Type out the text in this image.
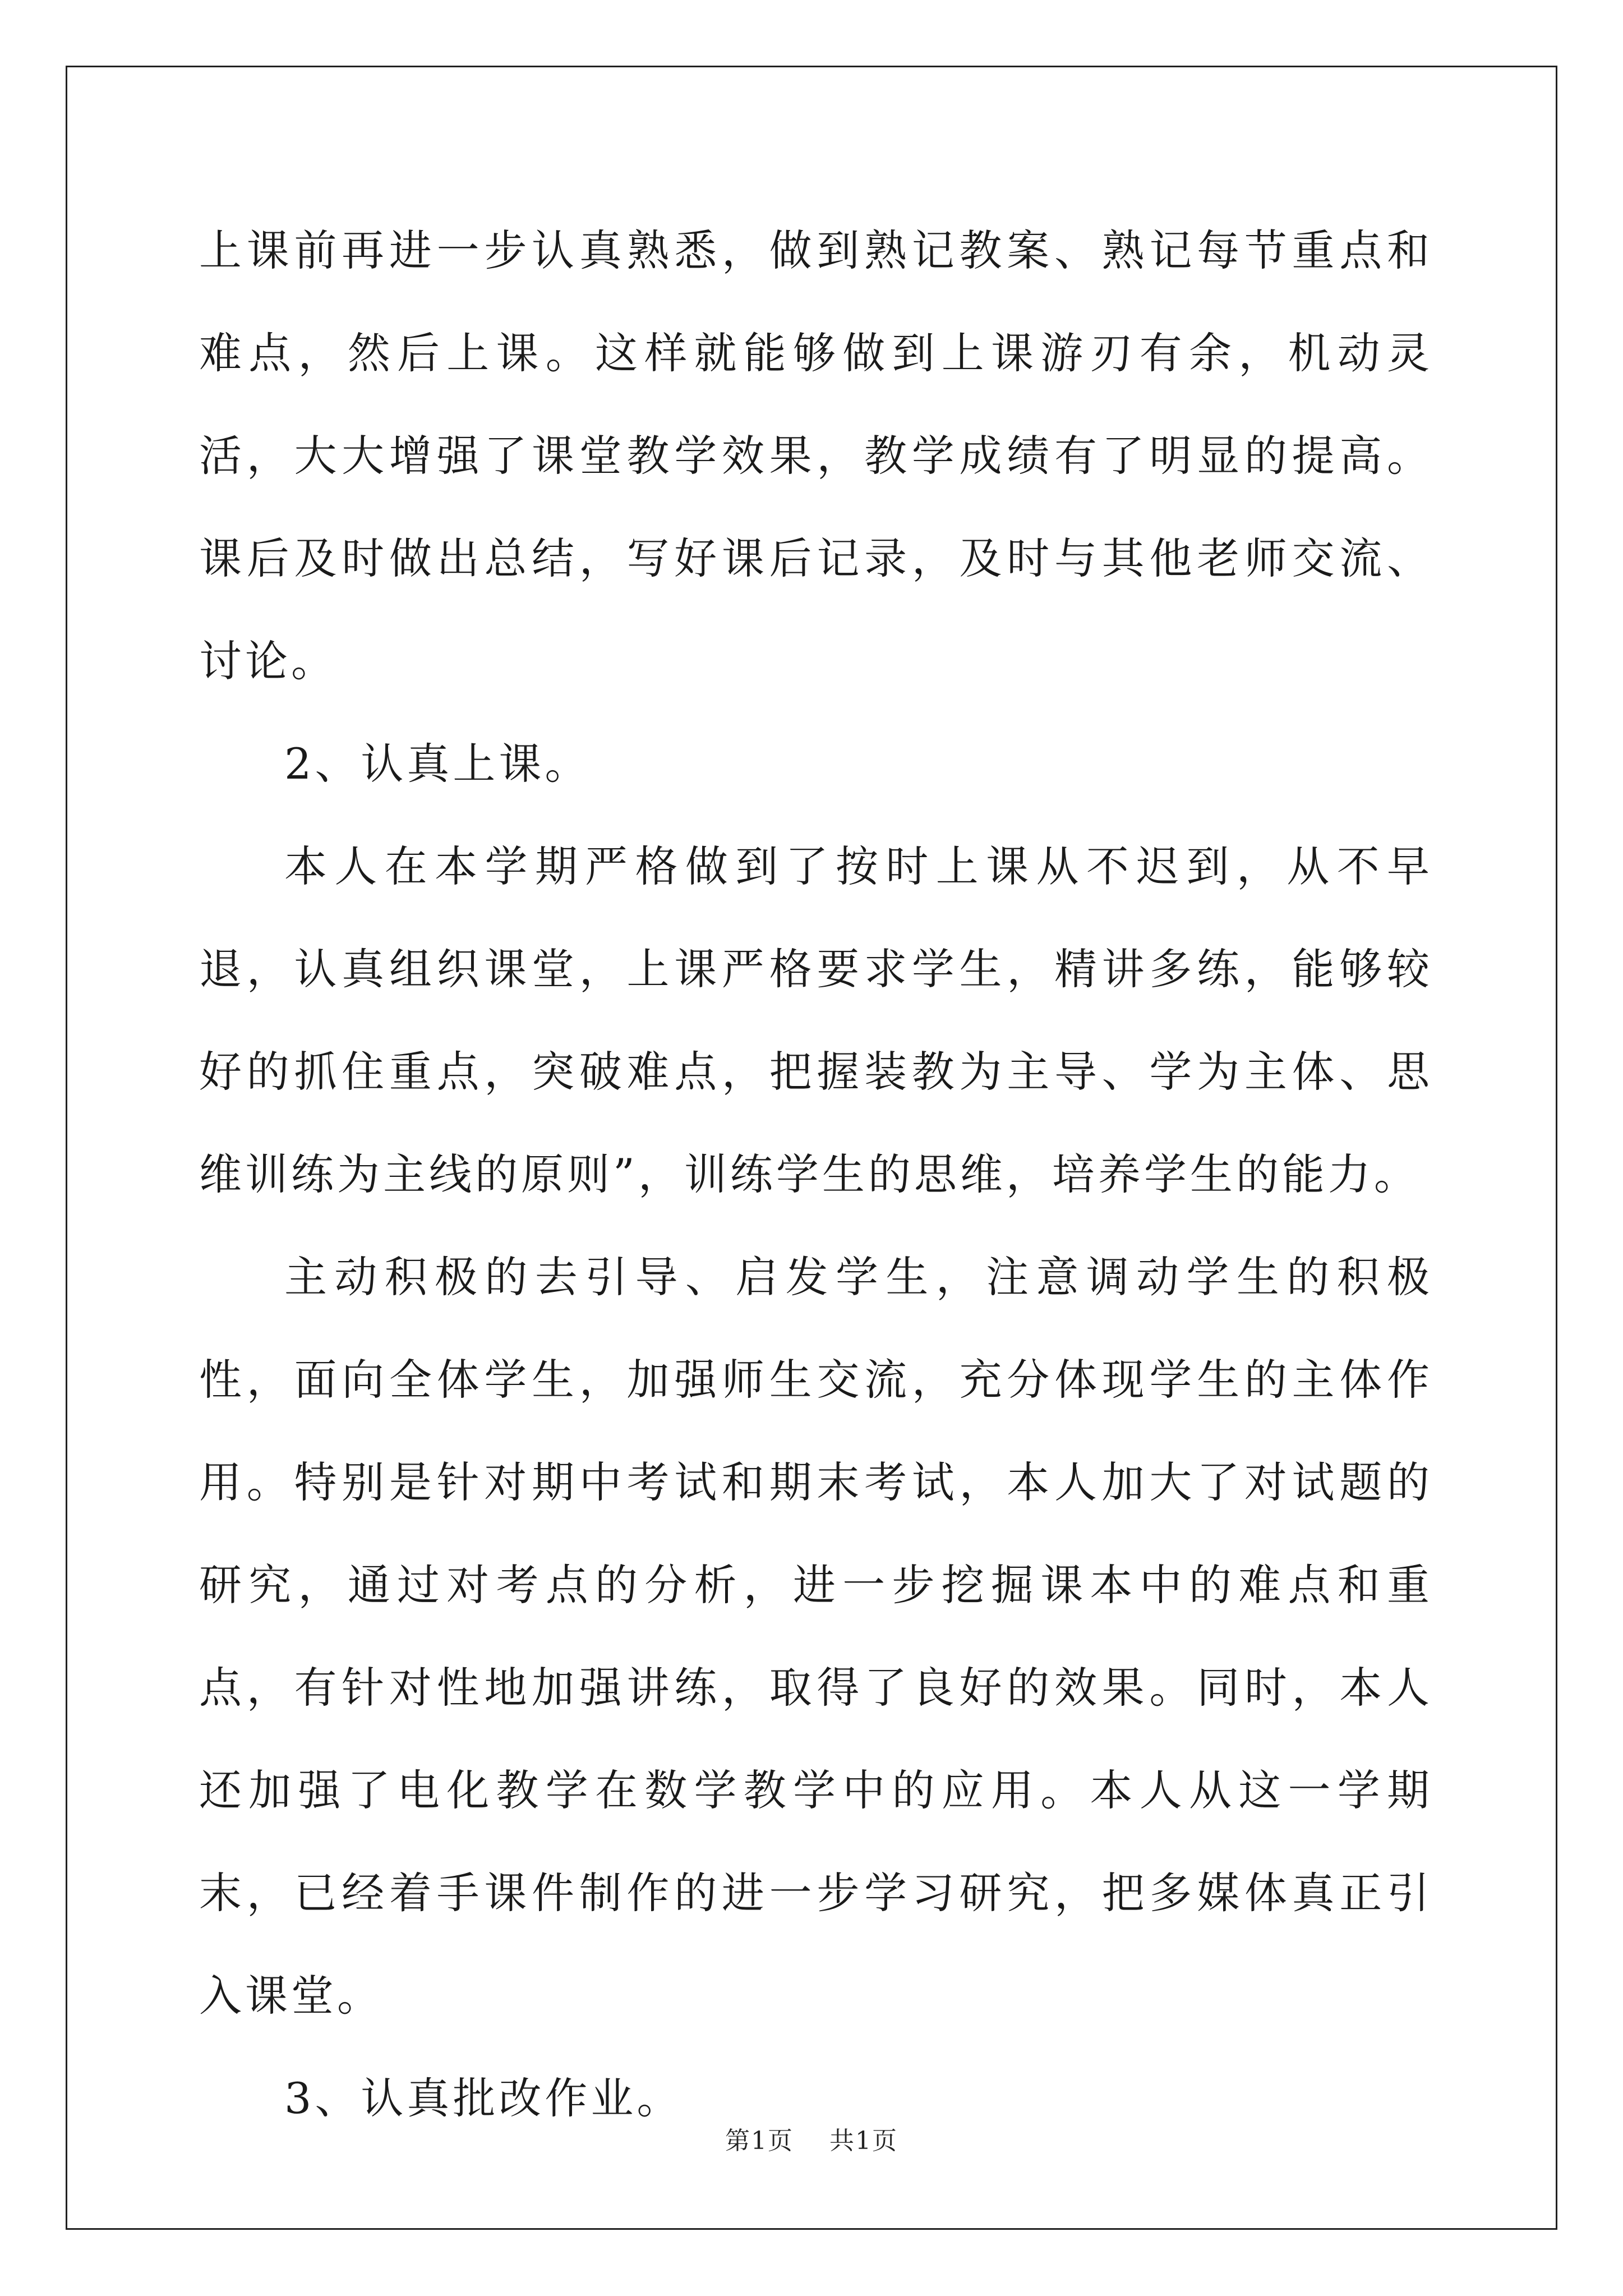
上课前再进一步认真熟悉，做到熟记教案、熟记每节重点和难点，然后上课。这样就能够做到上课游刃有余，机动灵活，大大增强了课堂教学效果，教学成绩有了明显的提高。课后及时做出总结，写好课后记录，及时与其他老师交流、讨论。

2、认真上课。

本人在本学期严格做到了按时上课从不迟到，从不早退，认真组织课堂，上课严格要求学生，精讲多练，能够较好的抓住重点，突破难点，把握装教为主导、学为主体、思维训练为主线的原则”，训练学生的思维，培养学生的能力。

主动积极的去引导、启发学生，注意调动学生的积极性，面向全体学生，加强师生交流，充分体现学生的主体作用。特别是针对期中考试和期末考试，本人加大了对试题的研究，通过对考点的分析，进一步挖掘课本中的难点和重点，有针对性地加强讲练，取得了良好的效果。同时，本人还加强了电化教学在数学教学中的应用。本人从这一学期末，已经着手课件制作的进一步学习研究，把多媒体真正引入课堂。

3、认真批改作业。

第1页 共1页
